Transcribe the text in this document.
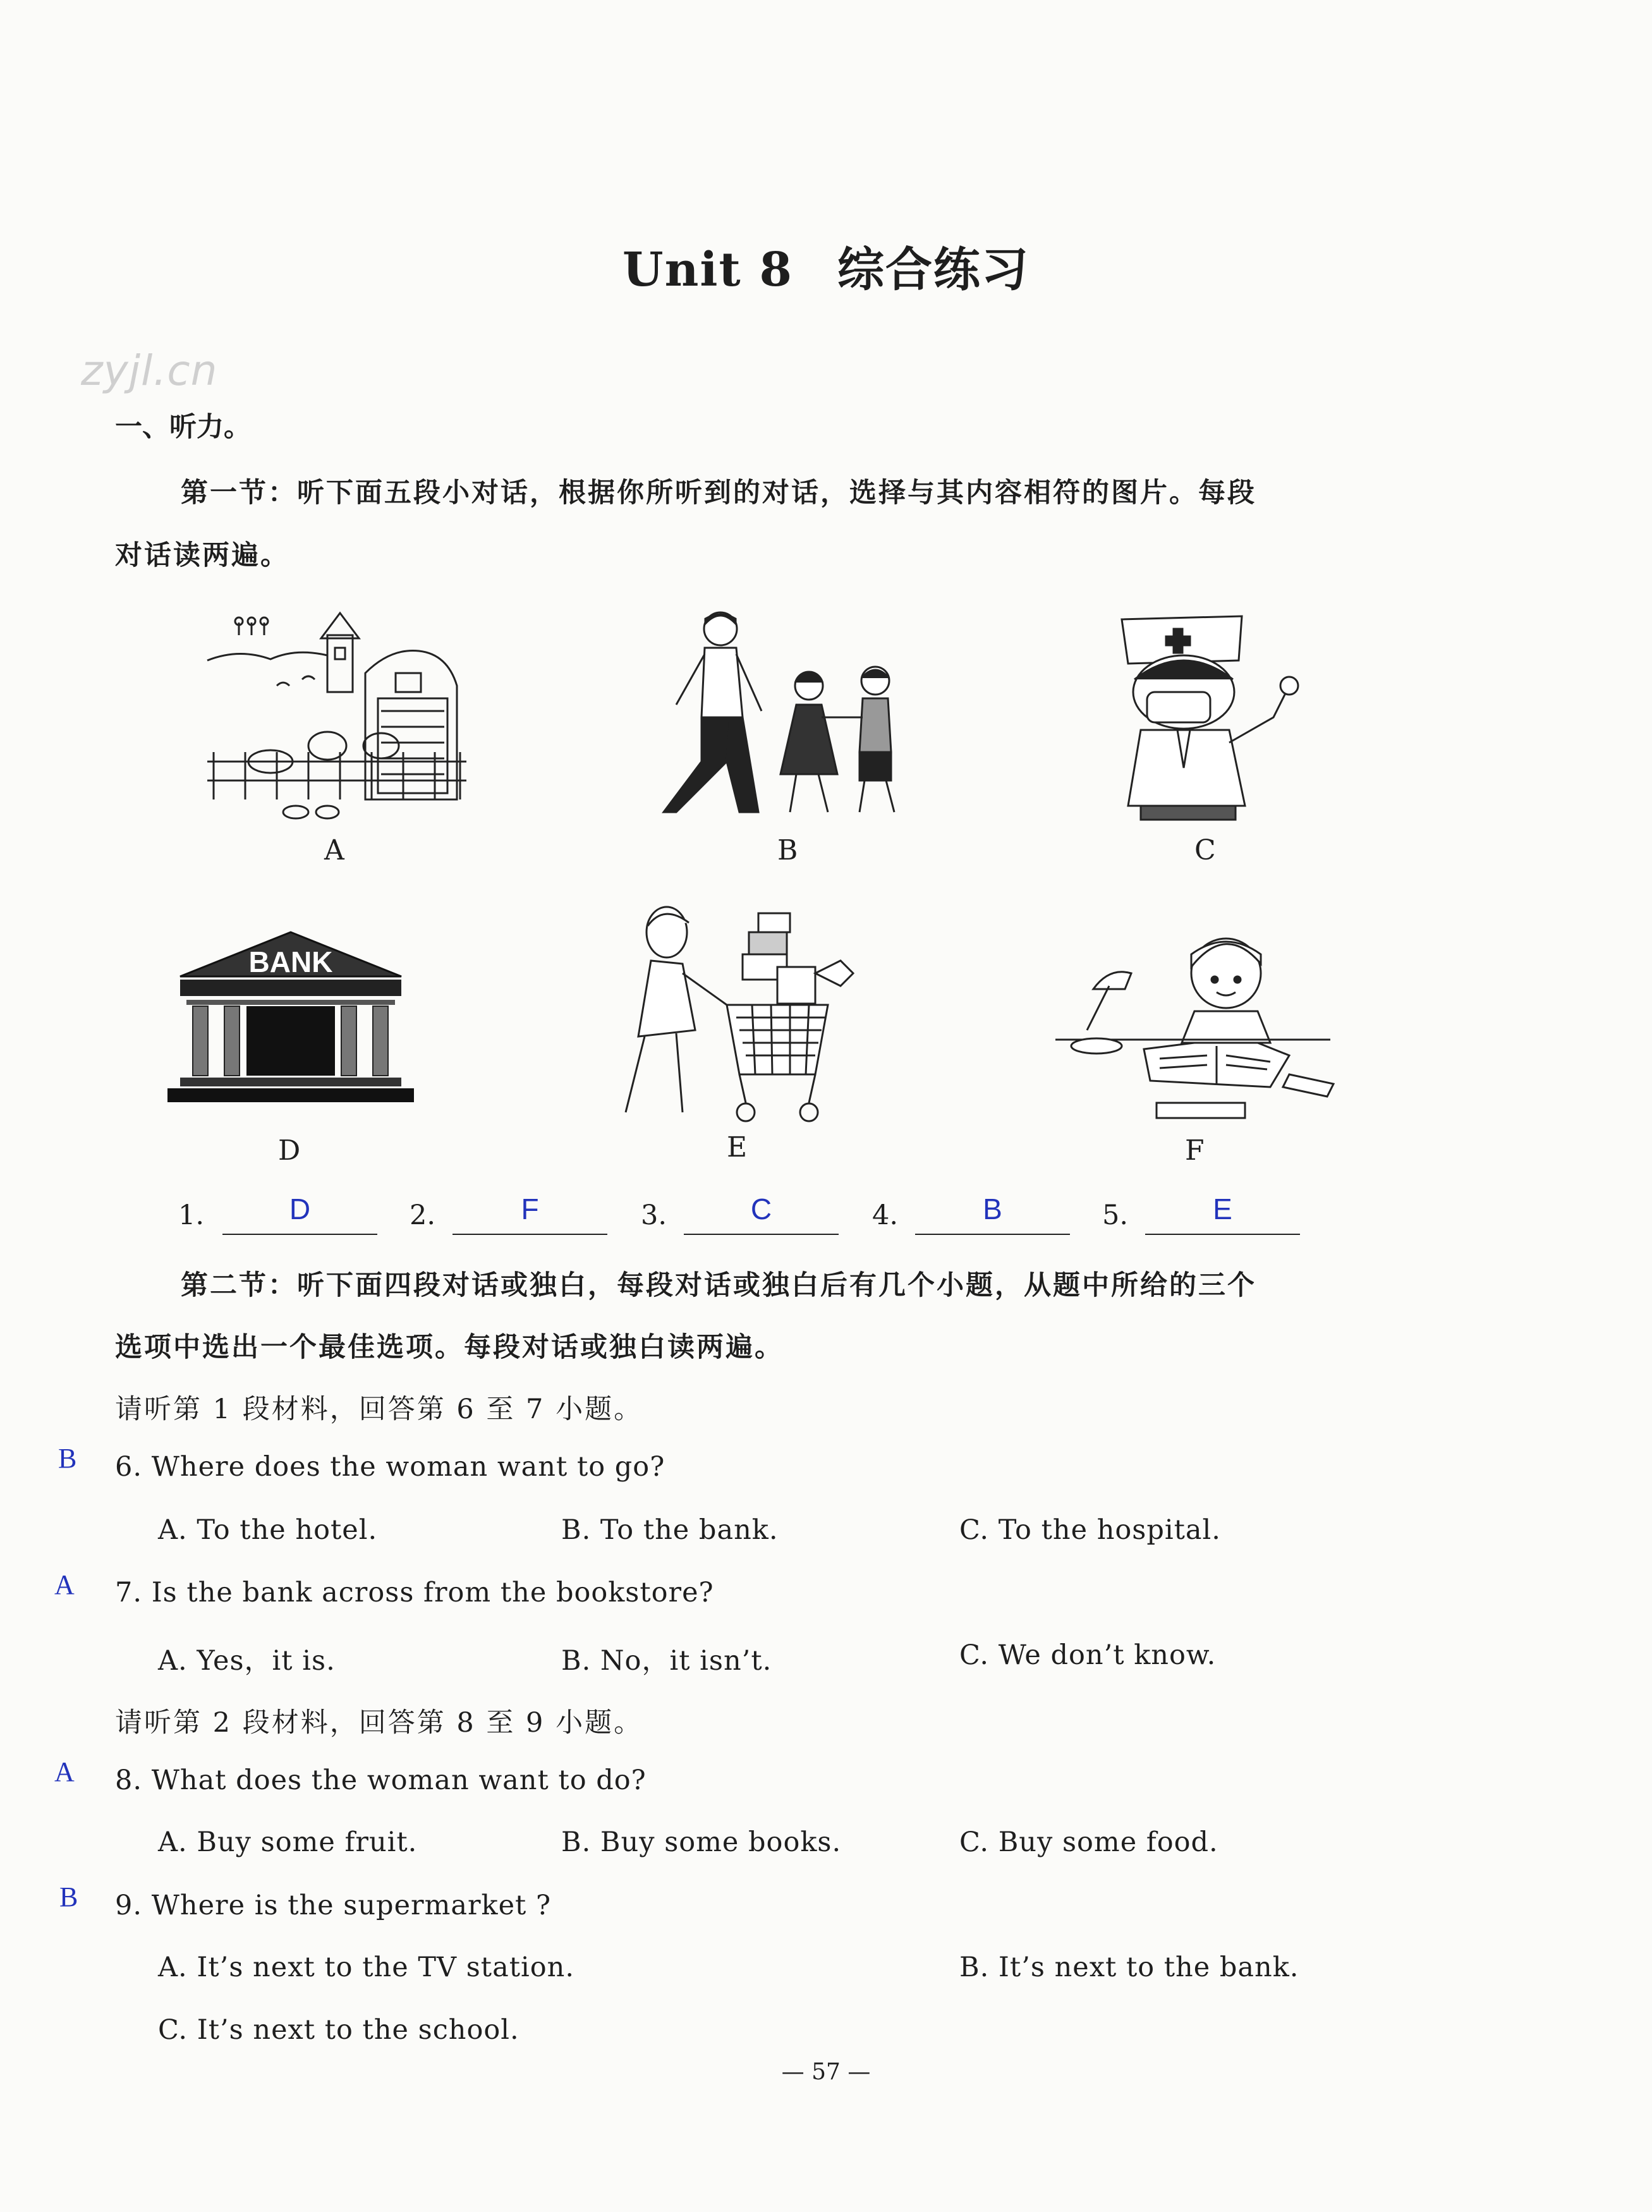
Unit 8 综合练习
zyjl.cn
一、听力。
第一节：听下面五段小对话，根据你所听到的对话，选择与其内容相符的图片。每段
对话读两遍。
A	B	C
BANK
D	E	F
1.	D	2.	F	3.	C	4.	B	5.	E
第二节：听下面四段对话或独白，每段对话或独白后有几个小题，从题中所给的三个
选项中选出一个最佳选项。每段对话或独白读两遍。
请听第 1 段材料，回答第 6 至 7 小题。
B 6. Where does the woman want to go?
A. To the hotel.	B. To the bank.	C. To the hospital.
A 7. Is the bank across from the bookstore?
A. Yes，it is.	B. No，it isn’t.	C. We don’t know.
请听第 2 段材料，回答第 8 至 9 小题。
A 8. What does the woman want to do?
A. Buy some fruit.	B. Buy some books.	C. Buy some food.
B 9. Where is the supermarket ?
A. It’s next to the TV station.	B. It’s next to the bank.
C. It’s next to the school.
— 57 —
